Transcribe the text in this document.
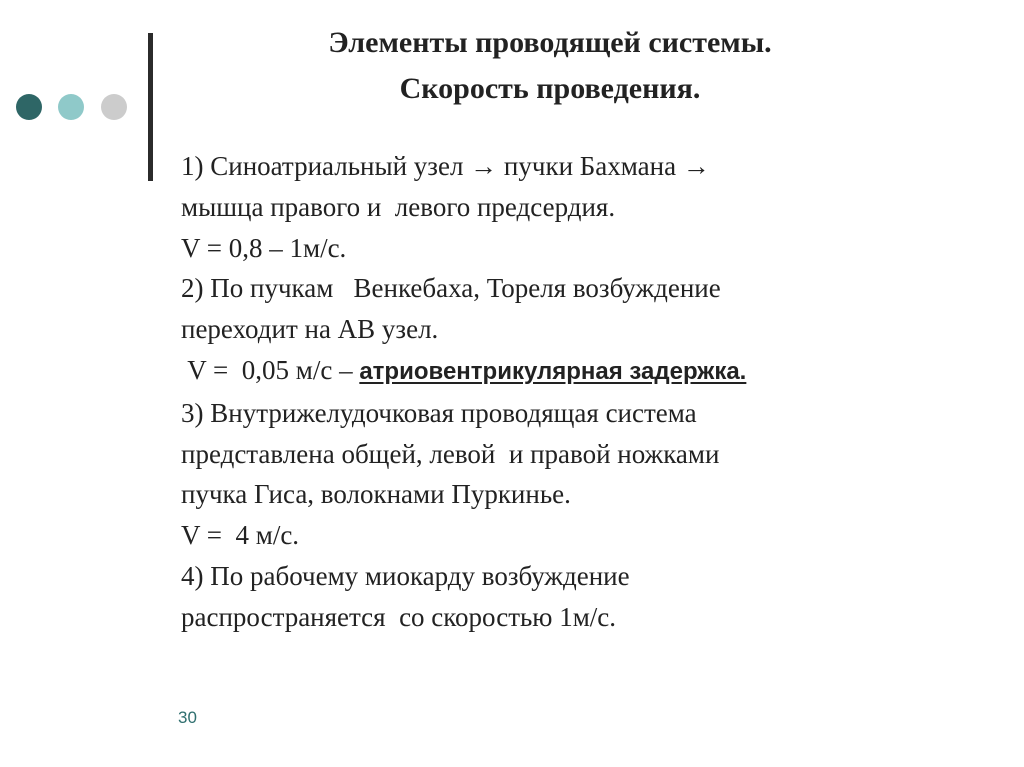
Элементы проводящей системы.
Скорость проведения.
1) Синоатриальный узел → пучки Бахмана →
мышца правого и  левого предсердия.
V = 0,8 – 1м/с.
2) По пучкам   Венкебаха, Тореля возбуждение
переходит на АВ узел.
V =  0,05 м/с – атриовентрикулярная задержка.
3) Внутрижелудочковая проводящая система
представлена общей, левой  и правой ножками
пучка Гиса, волокнами Пуркинье.
V =  4 м/с.
4) По рабочему миокарду возбуждение
распространяется  со скоростью 1м/с.
30
